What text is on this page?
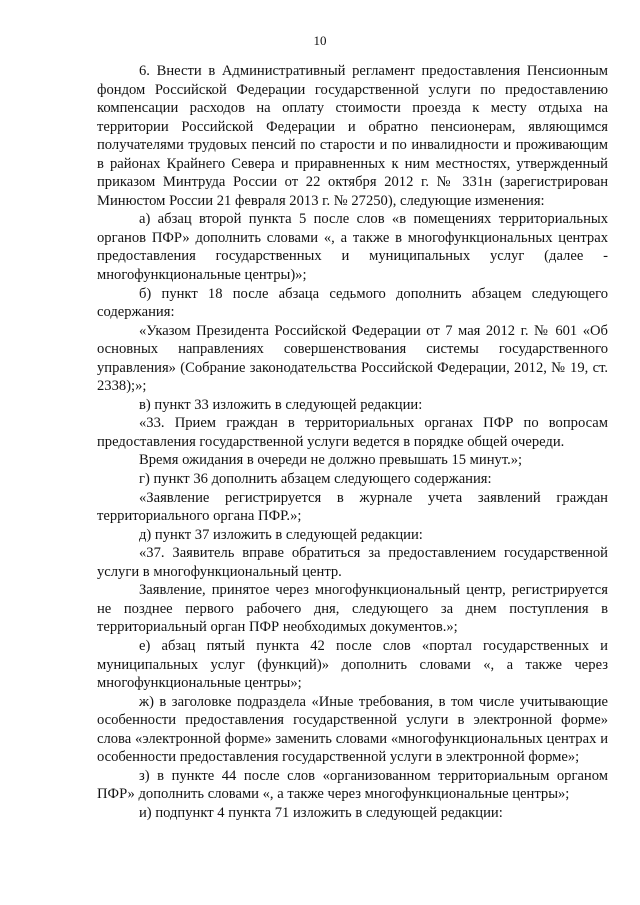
10

6. Внести в Административный регламент предоставления Пенсионным фондом Российской Федерации государственной услуги по предоставлению компенсации расходов на оплату стоимости проезда к месту отдыха на территории Российской Федерации и обратно пенсионерам, являющимся получателями трудовых пенсий по старости и по инвалидности и проживающим в районах Крайнего Севера и приравненных к ним местностях, утвержденный приказом Минтруда России от 22 октября 2012 г. № 331н (зарегистрирован Минюстом России 21 февраля 2013 г. № 27250), следующие изменения:

а) абзац второй пункта 5 после слов «в помещениях территориальных органов ПФР» дополнить словами «, а также в многофункциональных центрах предоставления государственных и муниципальных услуг (далее - многофункциональные центры)»;

б) пункт 18 после абзаца седьмого дополнить абзацем следующего содержания:

«Указом Президента Российской Федерации от 7 мая 2012 г. № 601 «Об основных направлениях совершенствования системы государственного управления» (Собрание законодательства Российской Федерации, 2012, № 19, ст. 2338);»;

в) пункт 33 изложить в следующей редакции:

«33. Прием граждан в территориальных органах ПФР по вопросам предоставления государственной услуги ведется в порядке общей очереди.

Время ожидания в очереди не должно превышать 15 минут.»;

г) пункт 36 дополнить абзацем следующего содержания:

«Заявление регистрируется в журнале учета заявлений граждан территориального органа ПФР.»;

д) пункт 37 изложить в следующей редакции:

«37. Заявитель вправе обратиться за предоставлением государственной услуги в многофункциональный центр.

Заявление, принятое через многофункциональный центр, регистрируется не позднее первого рабочего дня, следующего за днем поступления в территориальный орган ПФР необходимых документов.»;

е) абзац пятый пункта 42 после слов «портал государственных и муниципальных услуг (функций)» дополнить словами «, а также через многофункциональные центры»;

ж) в заголовке подраздела «Иные требования, в том числе учитывающие особенности предоставления государственной услуги в электронной форме» слова «электронной форме» заменить словами «многофункциональных центрах и особенности предоставления государственной услуги в электронной форме»;

з) в пункте 44 после слов «организованном территориальным органом ПФР» дополнить словами «, а также через многофункциональные центры»;

и) подпункт 4 пункта 71 изложить в следующей редакции:
